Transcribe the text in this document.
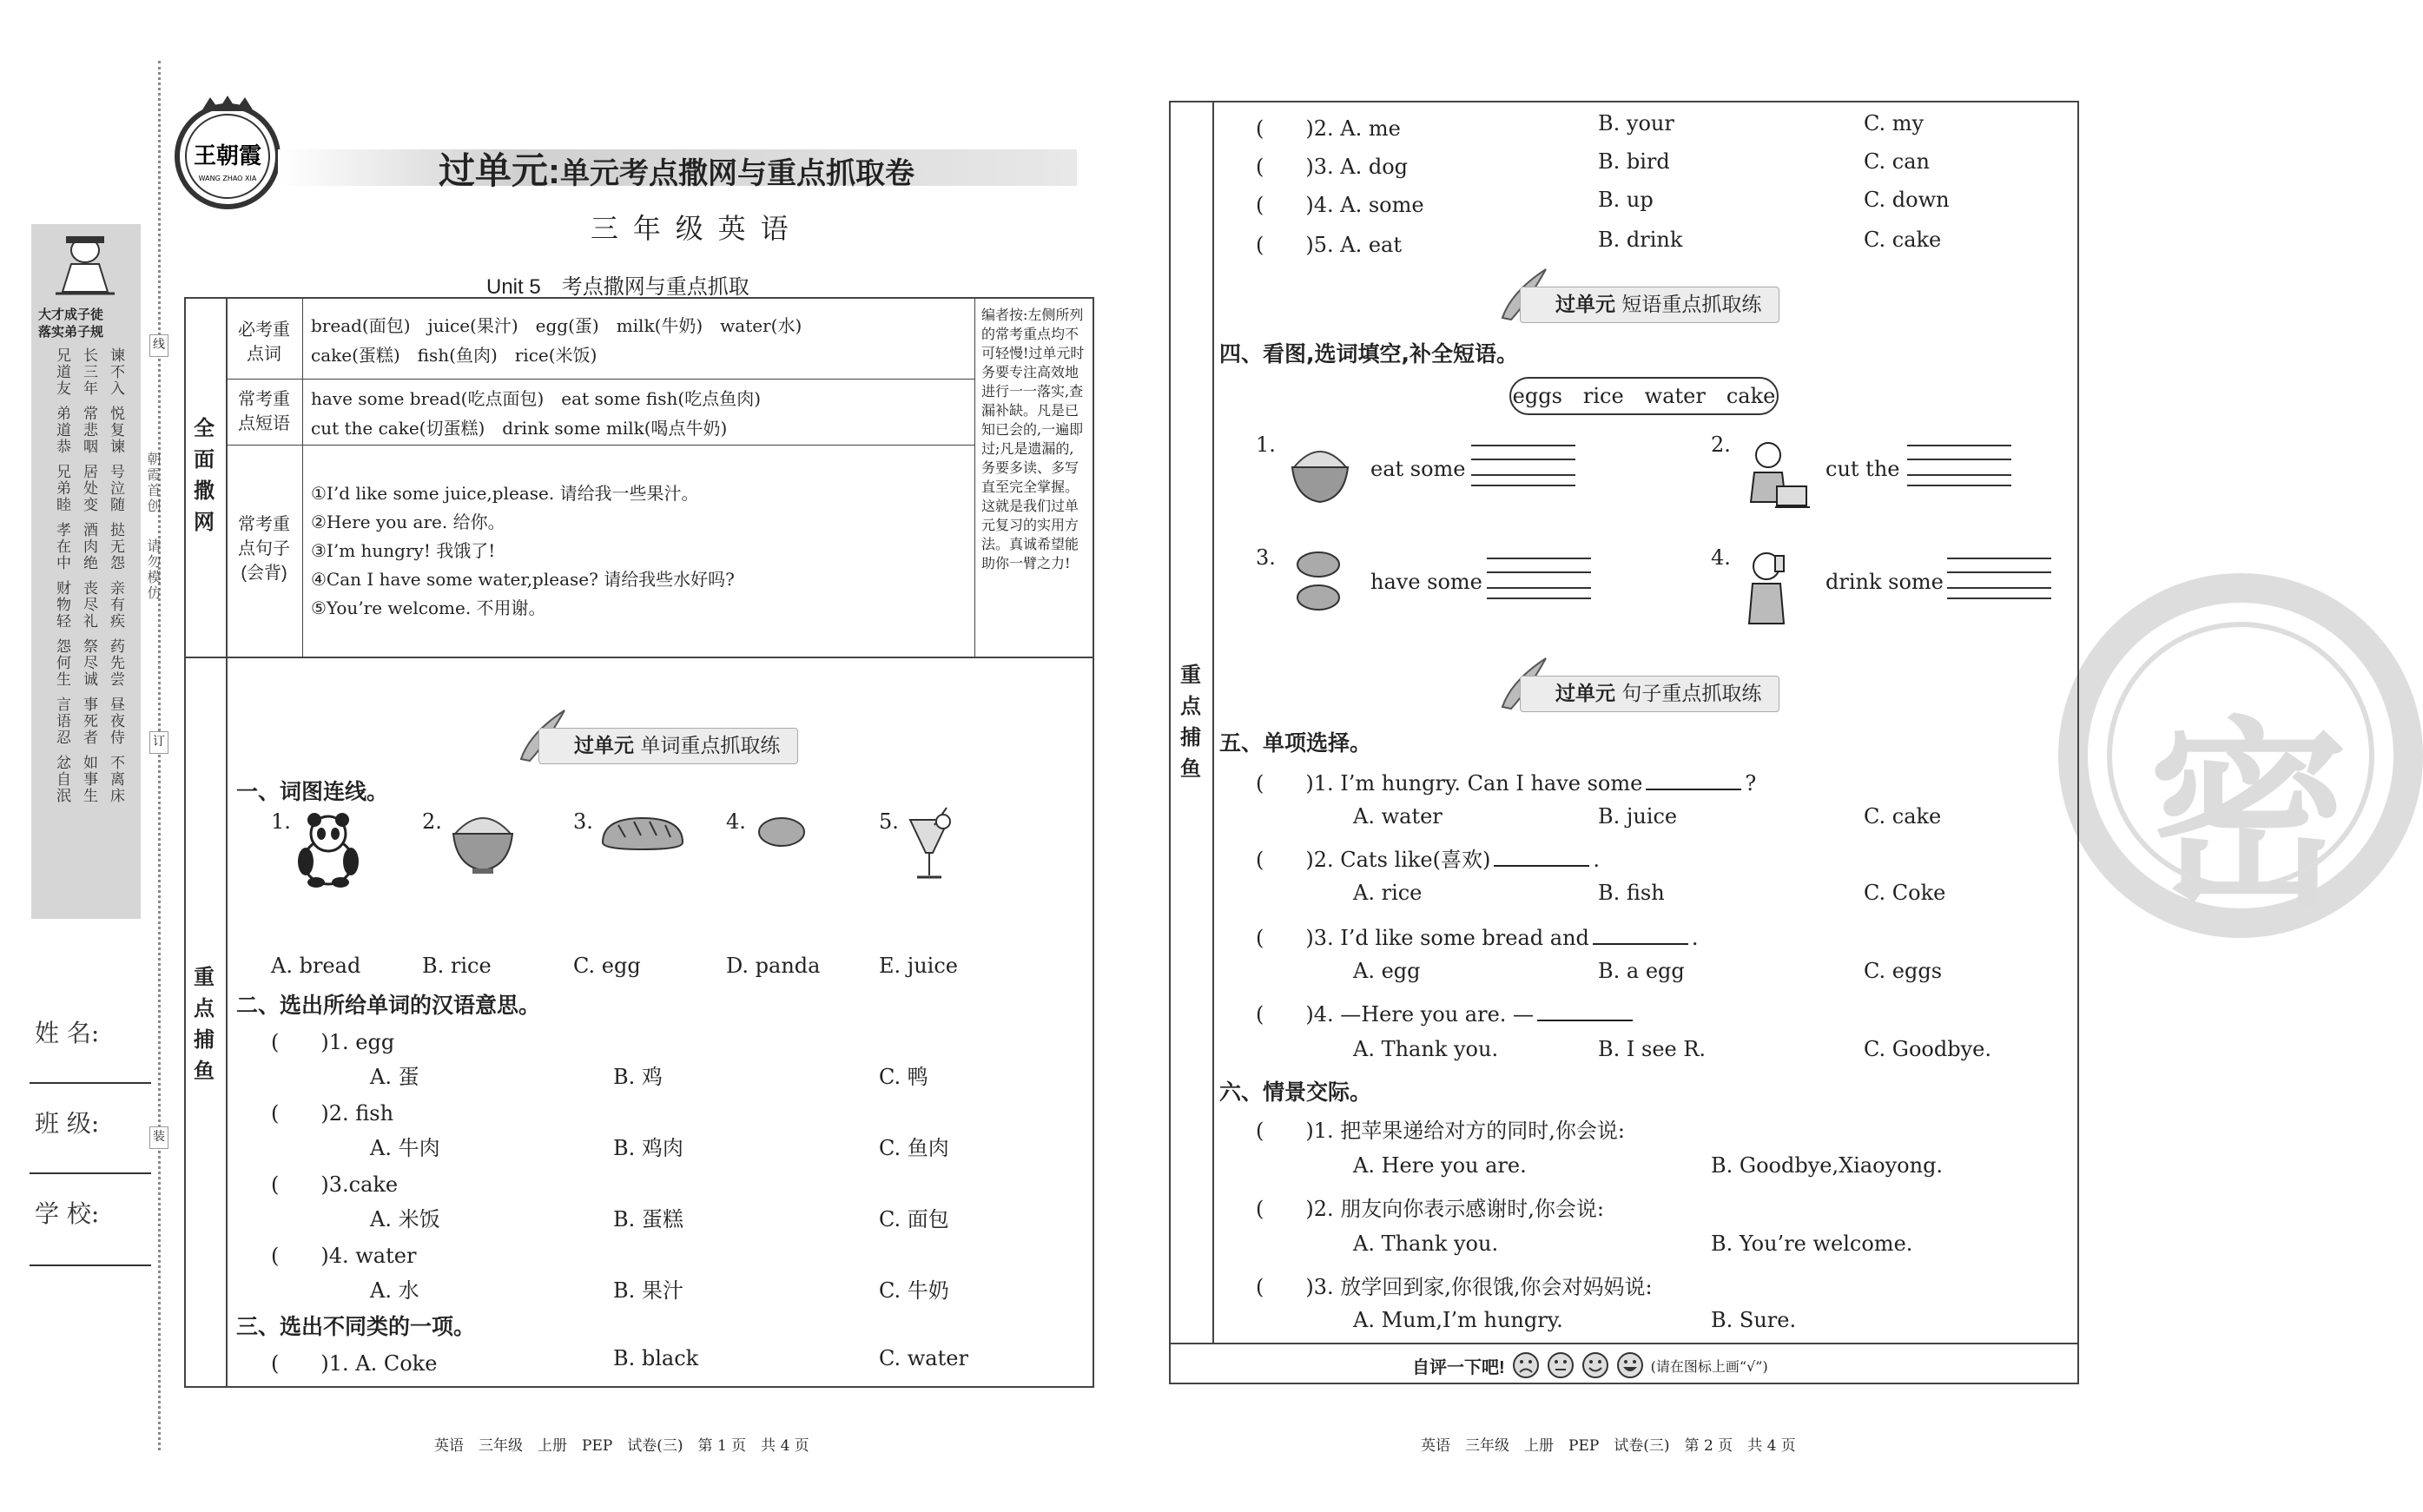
大才成子徒
落实弟子规
兄道友 长三年 谏不入
弟道恭 常悲咽 悦复谏
兄弟睦 居处变 号泣随
孝在中 酒肉绝 挞无怨
财物轻 丧尽礼 亲有疾
怨何生 祭尽诚 药先尝
言语忍 事死者 昼夜侍
忿自泯 如事生 不离床
朝霞首创
请勿模仿
线
订
装
姓 名:
班 级:
学 校:
王朝霞
WANG ZHAO XIA	过单元:单元考点撒网与重点抓取卷
三 年 级 英 语
Unit 5　考点撒网与重点抓取
全面撒网
必考重点词
bread(面包)　juice(果汁)　egg(蛋)　milk(牛奶)　water(水)
cake(蛋糕)　fish(鱼肉)　rice(米饭)
常考重点短语
have some bread(吃点面包)　eat some fish(吃点鱼肉)
cut the cake(切蛋糕)　drink some milk(喝点牛奶)
常考重点句子(会背)
①I’d like some juice,please. 请给我一些果汁。
②Here you are. 给你。
③I’m hungry! 我饿了!
④Can I have some water,please? 请给我些水好吗?
⑤You’re welcome. 不用谢。
编者按:左侧所列的常考重点均不可轻慢!过单元时务要专注高效地进行一一落实,查漏补缺。凡是已知已会的,一遍即过;凡是遗漏的,务要多读、多写直至完全掌握。这就是我们过单元复习的实用方法。真诚希望能助你一臂之力!
重点捕鱼
过单元 单词重点抓取练
一、词图连线。
1.	2.	3.	4.	5.
A. bread	B. rice	C. egg	D. panda	E. juice
二、选出所给单词的汉语意思。
(　　)1. egg
A. 蛋	B. 鸡	C. 鸭
(　　)2. fish
A. 牛肉	B. 鸡肉	C. 鱼肉
(　　)3.cake
A. 米饭	B. 蛋糕	C. 面包
(　　)4. water
A. 水	B. 果汁	C. 牛奶
三、选出不同类的一项。
(　　)1. A. Coke	B. black	C. water
英语　三年级　上册　PEP　试卷(三)　第 1 页　共 4 页
密
重点捕鱼
(　　)2. A. me	B. your	C. my
(　　)3. A. dog	B. bird	C. can
(　　)4. A. some	B. up	C. down
(　　)5. A. eat	B. drink	C. cake
过单元 短语重点抓取练
四、看图,选词填空,补全短语。
eggs　rice　water　cake
1.
eat some
2.
cut the
3.
have some
4.
drink some
过单元 句子重点抓取练
五、单项选择。
(　　)1. I’m hungry. Can I have some	?
A. water	B. juice	C. cake
(　　)2. Cats like(喜欢)	.
A. rice	B. fish	C. Coke
(　　)3. I’d like some bread and	.
A. egg	B. a egg	C. eggs
(　　)4. —Here you are. —
A. Thank you.	B. I see R.	C. Goodbye.
六、情景交际。
(　　)1. 把苹果递给对方的同时,你会说:
A. Here you are.	B. Goodbye,Xiaoyong.
(　　)2. 朋友向你表示感谢时,你会说:
A. Thank you.	B. You’re welcome.
(　　)3. 放学回到家,你很饿,你会对妈妈说:
A. Mum,I’m hungry.	B. Sure.
自评一下吧!	(请在图标上画“√”)
英语　三年级　上册　PEP　试卷(三)　第 2 页　共 4 页
